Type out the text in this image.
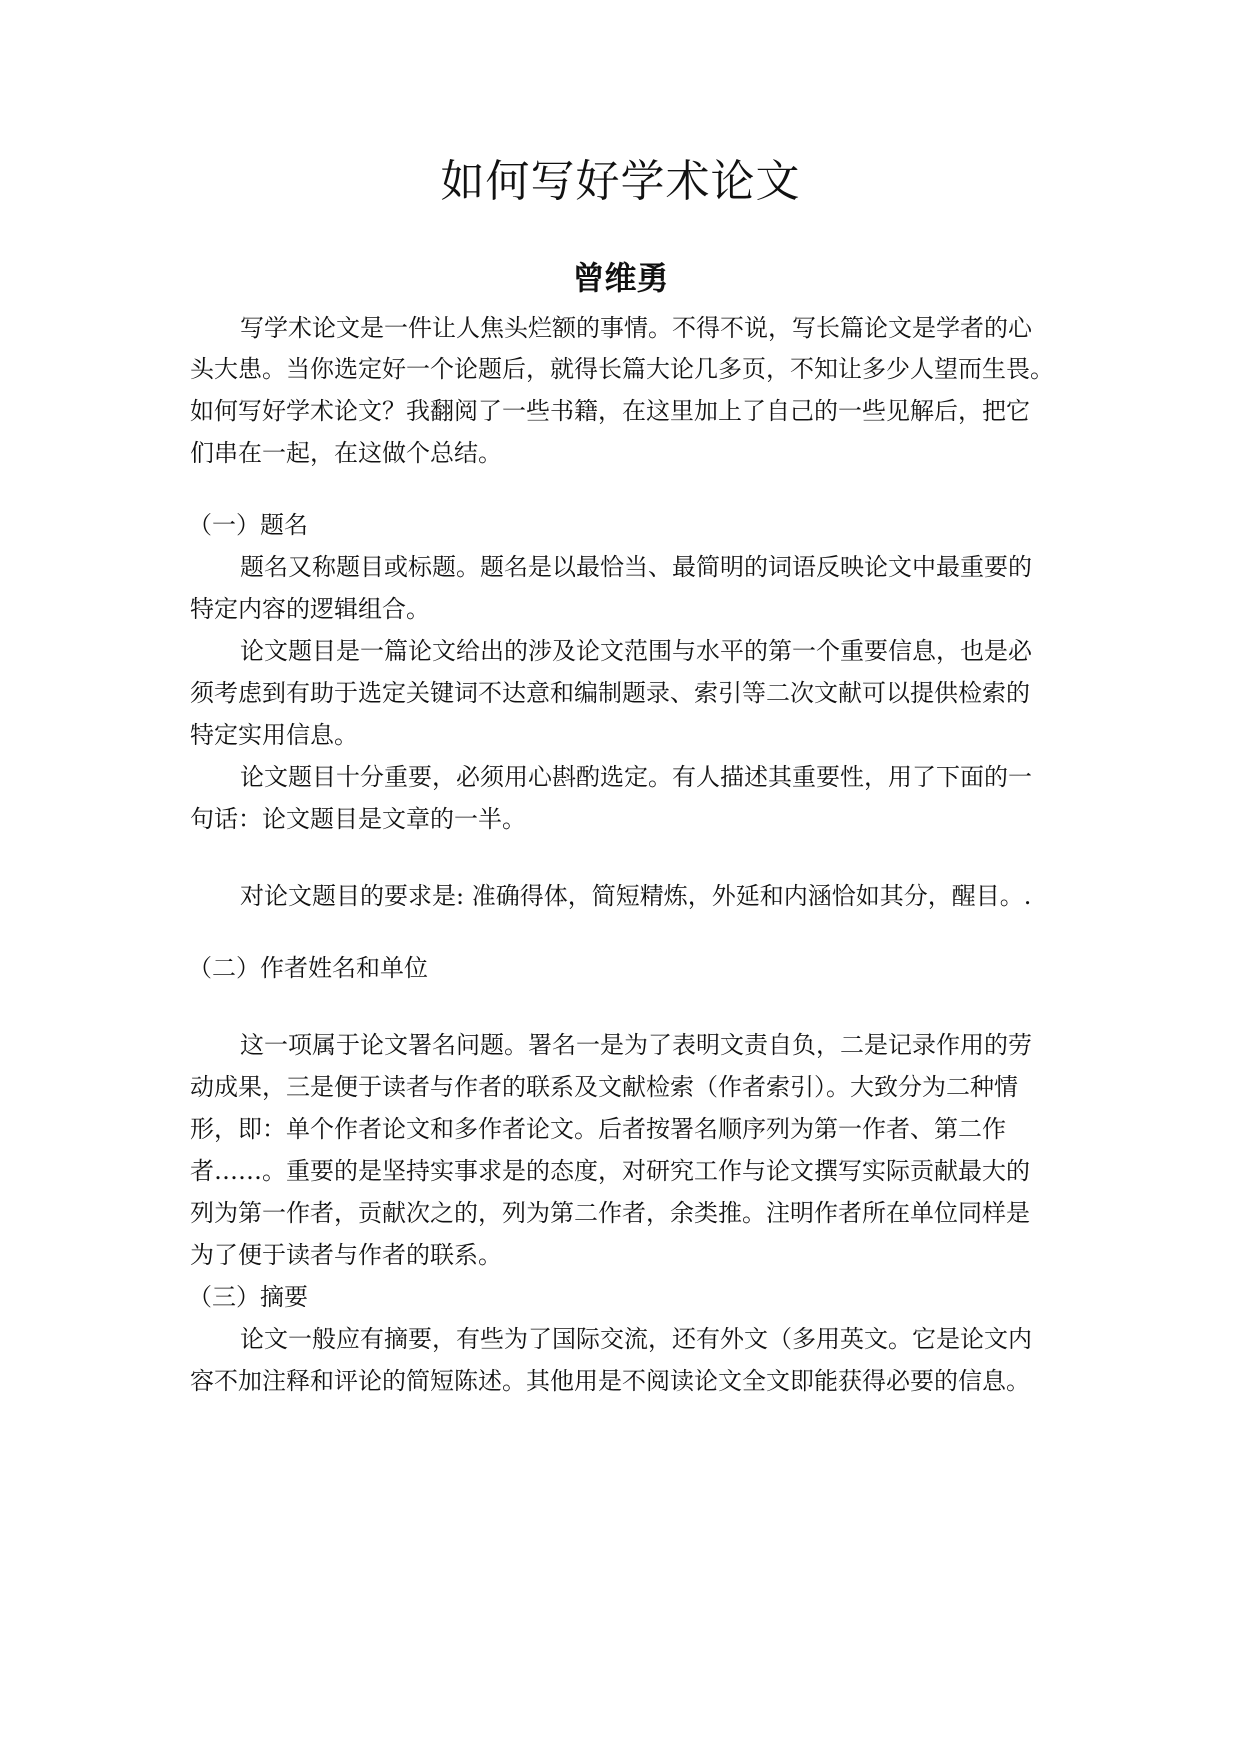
如何写好学术论文
曾维勇
写学术论文是一件让人焦头烂额的事情。不得不说，写长篇论文是学者的心
头大患。当你选定好一个论题后，就得长篇大论几多页，不知让多少人望而生畏。
如何写好学术论文？我翻阅了一些书籍，在这里加上了自己的一些见解后，把它
们串在一起，在这做个总结。
（一）题名
题名又称题目或标题。题名是以最恰当、最简明的词语反映论文中最重要的
特定内容的逻辑组合。
论文题目是一篇论文给出的涉及论文范围与水平的第一个重要信息，也是必
须考虑到有助于选定关键词不达意和编制题录、索引等二次文献可以提供检索的
特定实用信息。
论文题目十分重要，必须用心斟酌选定。有人描述其重要性，用了下面的一
句话：论文题目是文章的一半。
对论文题目的要求是: 准确得体，简短精炼，外延和内涵恰如其分，醒目。.
（二）作者姓名和单位
这一项属于论文署名问题。署名一是为了表明文责自负，二是记录作用的劳
动成果，三是便于读者与作者的联系及文献检索（作者索引）。大致分为二种情
形，即：单个作者论文和多作者论文。后者按署名顺序列为第一作者、第二作
者……。重要的是坚持实事求是的态度，对研究工作与论文撰写实际贡献最大的
列为第一作者，贡献次之的，列为第二作者，余类推。注明作者所在单位同样是
为了便于读者与作者的联系。
（三）摘要
论文一般应有摘要，有些为了国际交流，还有外文（多用英文。它是论文内
容不加注释和评论的简短陈述。其他用是不阅读论文全文即能获得必要的信息。
